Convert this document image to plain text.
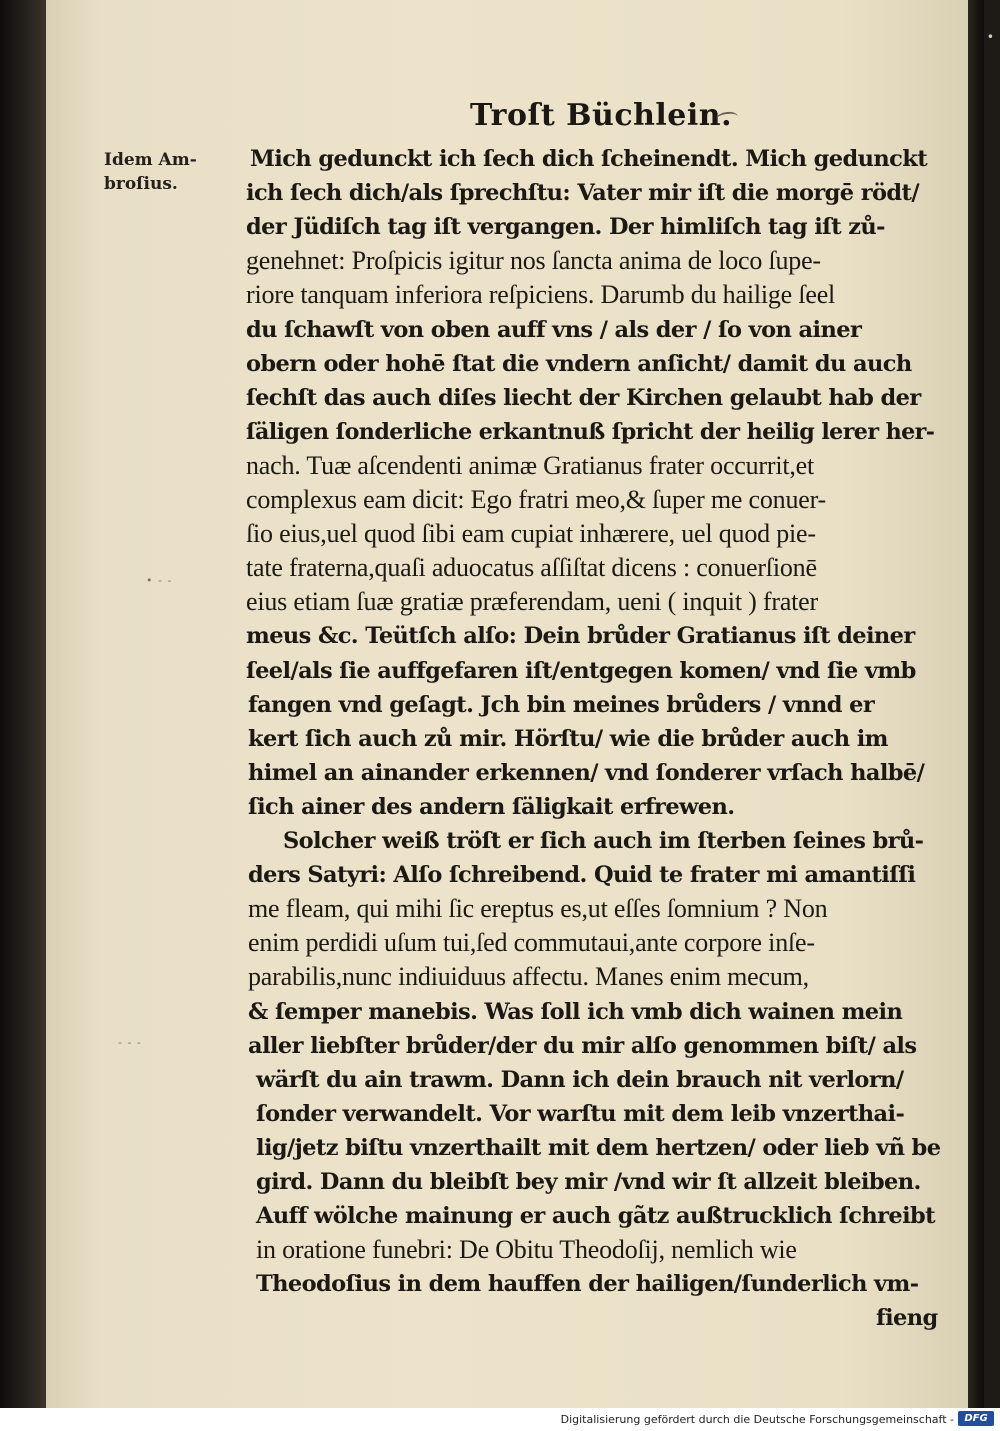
•
Troſt Büchlein.
Idem Am-
broſius.
• - -
- - -
Mich gedunckt ich ſech dich ſcheinendt. Mich gedunckt
ich ſech dich/als ſprechſtu: Vater mir iſt die morgē rödt/
der Jüdiſch tag iſt vergangen. Der himliſch tag iſt zů-
genehnet: Proſpicis igitur nos ſancta anima de loco ſupe-
riore tanquam inferiora reſpiciens. Darumb du hailige ſeel
du ſchawſt von oben auff vns / als der / ſo von ainer
obern oder hohē ſtat die vndern anſicht/ damit du auch
ſechſt das auch diſes liecht der Kirchen gelaubt hab der
ſäligen ſonderliche erkantnuß ſpricht der heilig lerer her-
nach. Tuæ aſcendenti animæ Gratianus frater occurrit,et
complexus eam dicit: Ego fratri meo,& ſuper me conuer-
ſio eius,uel quod ſibi eam cupiat inhærere, uel quod pie-
tate fraterna,quaſi aduocatus aſſiſtat dicens : conuerſionē
eius etiam ſuæ gratiæ præferendam, ueni ( inquit ) frater
meus &c. Teütſch alſo: Dein brůder Gratianus iſt deiner
ſeel/als ſie auffgefaren iſt/entgegen komen/ vnd ſie vmb
fangen vnd geſagt. Jch bin meines brůders / vnnd er
kert ſich auch zů mir. Hörſtu/ wie die brůder auch im
himel an ainander erkennen/ vnd ſonderer vrſach halbē/
ſich ainer des andern ſäligkait erfrewen.
Solcher weiß tröſt er ſich auch im ſterben ſeines brů-
ders Satyri: Alſo ſchreibend. Quid te frater mi amantiſſi
me fleam, qui mihi ſic ereptus es,ut eſſes ſomnium ? Non
enim perdidi uſum tui,ſed commutaui,ante corpore inſe-
parabilis,nunc indiuiduus affectu. Manes enim mecum,
& ſemper manebis. Was ſoll ich vmb dich wainen mein
aller liebſter brůder/der du mir alſo genommen biſt/ als
wärſt du ain trawm. Dann ich dein brauch nit verlorn/
ſonder verwandelt. Vor warſtu mit dem leib vnzerthai-
lig/jetz biſtu vnzerthailt mit dem hertzen/ oder lieb vñ be
gird. Dann du bleibſt bey mir /vnd wir ſt allzeit bleiben.
Auff wölche mainung er auch gãtz außtrucklich ſchreibt
in oratione funebri: De Obitu Theodoſij, nemlich wie
Theodoſius in dem hauffen der hailigen/ſunderlich vm-
fieng
Digitalisierung gefördert durch die Deutsche Forschungsgemeinschaft -	DFG
